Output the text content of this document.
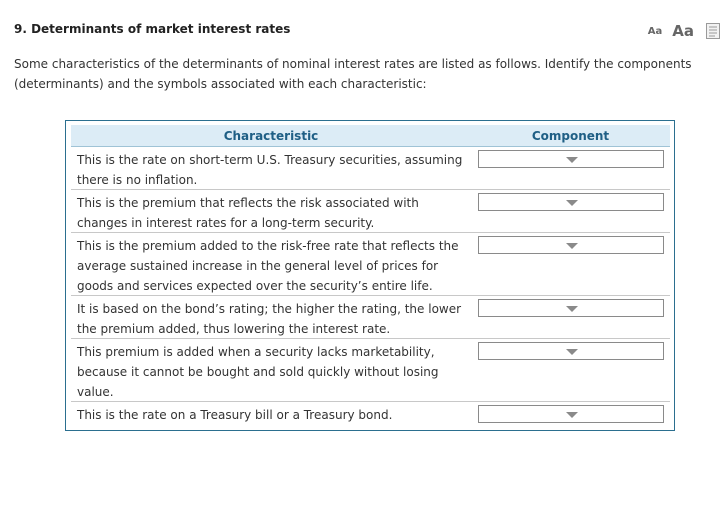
9. Determinants of market interest rates	Aa Aa
Some characteristics of the determinants of nominal interest rates are listed as follows. Identify the components (determinants) and the symbols associated with each characteristic:
Characteristic	Component
This is the rate on short-term U.S. Treasury securities, assuming there is no inflation.
This is the premium that reflects the risk associated with changes in interest rates for a long-term security.
This is the premium added to the risk-free rate that reflects the average sustained increase in the general level of prices for goods and services expected over the security’s entire life.
It is based on the bond’s rating; the higher the rating, the lower the premium added, thus lowering the interest rate.
This premium is added when a security lacks marketability, because it cannot be bought and sold quickly without losing value.
This is the rate on a Treasury bill or a Treasury bond.
